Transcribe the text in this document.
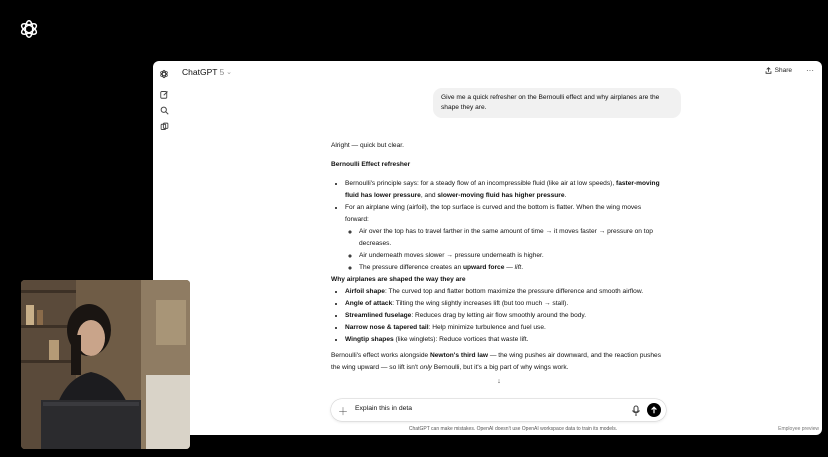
ChatGPT 5 ⌄	Share ···
Give me a quick refresher on the Bernoulli effect and why airplanes are the shape they are.

Alright — quick but clear.

Bernoulli Effect refresher

• Bernoulli's principle says: for a steady flow of an incompressible fluid (like air at low speeds), faster-moving fluid has lower pressure, and slower-moving fluid has higher pressure.
• For an airplane wing (airfoil), the top surface is curved and the bottom is flatter. When the wing moves forward:
◦ Air over the top has to travel farther in the same amount of time → it moves faster → pressure on top decreases.
◦ Air underneath moves slower → pressure underneath is higher.
◦ The pressure difference creates an upward force — lift.

Why airplanes are shaped the way they are

• Airfoil shape: The curved top and flatter bottom maximize the pressure difference and smooth airflow.
• Angle of attack: Tilting the wing slightly increases lift (but too much → stall).
• Streamlined fuselage: Reduces drag by letting air flow smoothly around the body.
• Narrow nose & tapered tail: Help minimize turbulence and fuel use.
• Wingtip shapes (like winglets): Reduce vortices that waste lift.

Bernoulli's effect works alongside Newton's third law — the wing pushes air downward, and the reaction pushes the wing upward — so lift isn't only Bernoulli, but it's a big part of why wings work.

↓
＋
Explain this in deta
ChatGPT can make mistakes. OpenAI doesn't use OpenAI workspace data to train its models.	Employee preview
